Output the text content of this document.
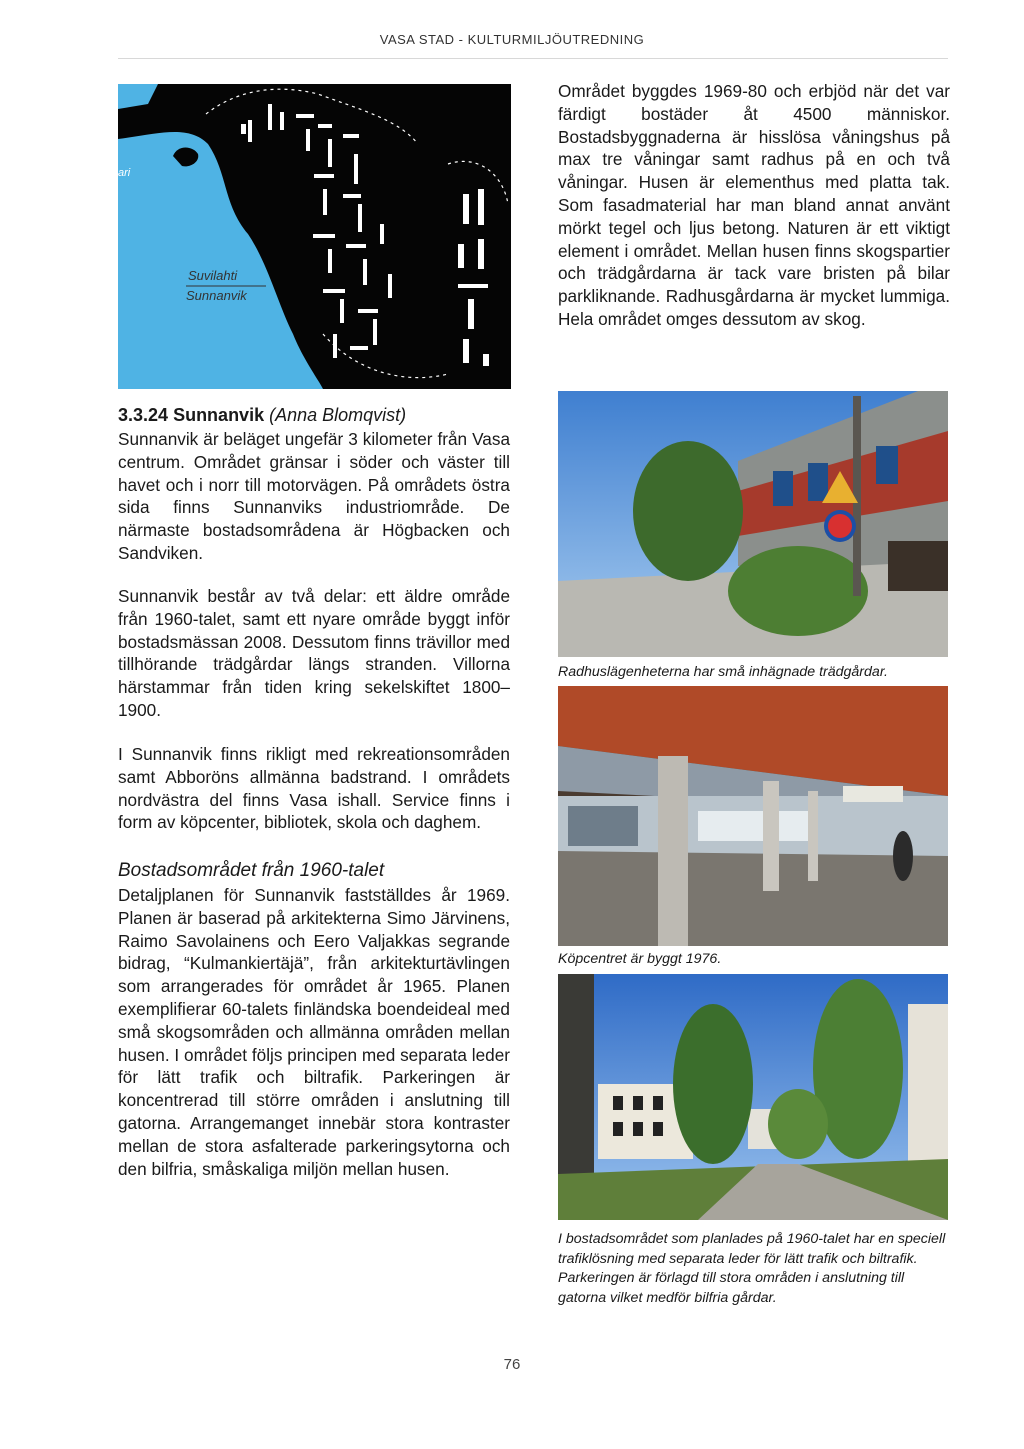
VASA STAD - KULTURMILJÖUTREDNING
Suvilahti
Sunnanvik
ari

Området byggdes 1969-80 och erbjöd när det var färdigt bostäder åt 4500 människor. Bostadsbyggnaderna är hisslösa våningshus på max tre våningar samt radhus på en och två våningar. Husen är elementhus med platta tak. Som fasadmaterial har man bland annat använt mörkt tegel och ljus betong. Naturen är ett viktigt element i området. Mellan husen finns skogspartier och trädgårdarna är tack vare bristen på bilar parkliknande. Radhusgårdarna är mycket lummiga. Hela området omges dessutom av skog.

3.3.24 Sunnanvik (Anna Blomqvist)

Sunnanvik är beläget ungefär 3 kilometer från Vasa centrum. Området gränsar i söder och väster till havet och i norr till motorvägen. På områdets östra sida finns Sunnanviks industriområde. De närmaste bostadsområdena är Högbacken och Sandviken.

Sunnanvik består av två delar: ett äldre område från 1960-talet, samt ett nyare område byggt inför bostadsmässan 2008. Dessutom finns trävillor med tillhörande trädgårdar längs stranden. Villorna härstammar från tiden kring sekelskiftet 1800–1900.

I Sunnanvik finns rikligt med rekreationsområden samt Abboröns allmänna badstrand. I områdets nordvästra del finns Vasa ishall. Service finns i form av köpcenter, bibliotek, skola och daghem.

Bostadsområdet från 1960-talet

Detaljplanen för Sunnanvik fastställdes år 1969. Planen är baserad på arkitekterna Simo Järvinens, Raimo Savolainens och Eero Valjakkas segrande bidrag, “Kulmankiertäjä”, från arkitekturtävlingen som arrangerades för området år 1965. Planen exemplifierar 60-talets finländska boendeideal med små skogsområden och allmänna områden mellan husen. I området följs principen med separata leder för lätt trafik och biltrafik. Parkeringen är koncentrerad till större områden i anslutning till gatorna. Arrangemanget innebär stora kontraster mellan de stora asfalterade parkeringsytorna och den bilfria, småskaliga miljön mellan husen.

Radhuslägenheterna har små inhägnade trädgårdar.

Köpcentret är byggt 1976.

I bostadsområdet som planlades på 1960-talet har en speciell trafiklösning med separata leder för lätt trafik och biltrafik. Parkeringen är förlagd till stora områden i anslutning till gatorna vilket medför bilfria gårdar.

76
